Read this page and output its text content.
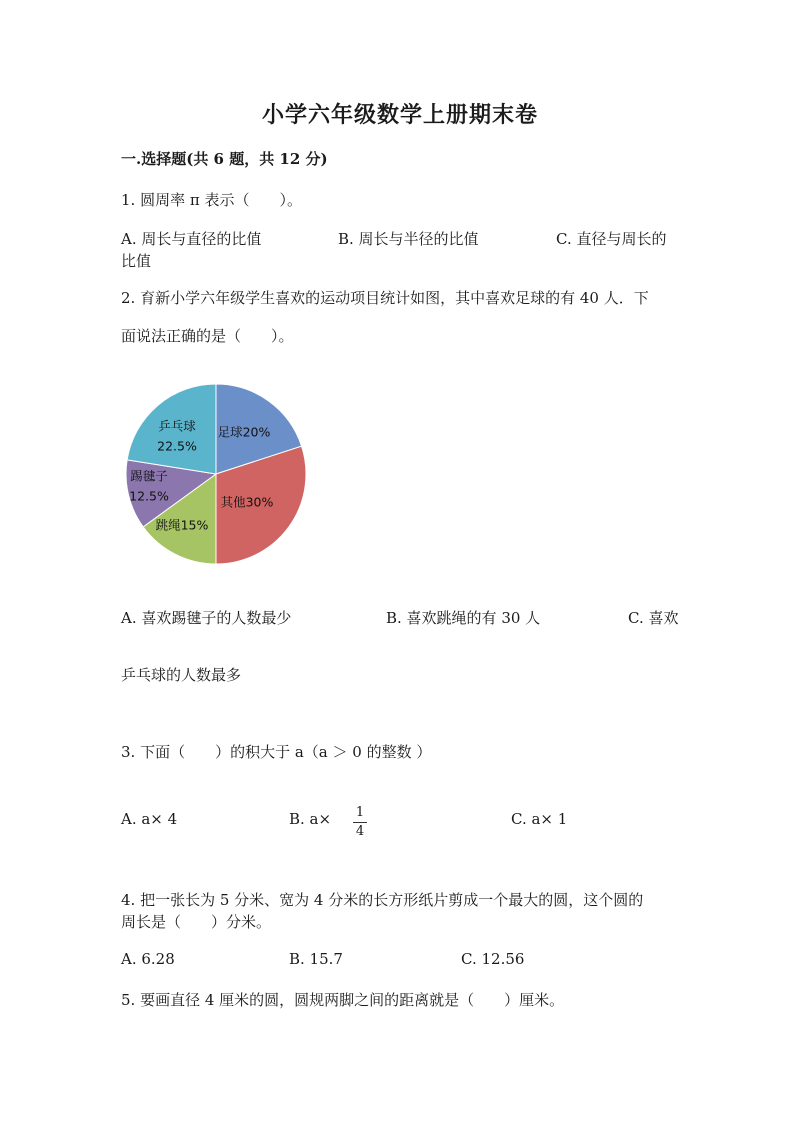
小学六年级数学上册期末卷
一.选择题(共 6 题，共 12 分)
1. 圆周率 π 表示（　　）。
A. 周长与直径的比值	B. 周长与半径的比值	C. 直径与周长的
比值
2. 育新小学六年级学生喜欢的运动项目统计如图，其中喜欢足球的有 40 人．下
面说法正确的是（　　）。
足球20%
其他30%
跳绳15%
踢毽子
12.5%
乒乓球
22.5%
A. 喜欢踢毽子的人数最少	B. 喜欢跳绳的有 30 人	C. 喜欢
乒乓球的人数最多
3. 下面（　　）的积大于 a（a ＞ 0 的整数 ）
A. a× 4	B. a× 1
4
C. a× 1
4. 把一张长为 5 分米、宽为 4 分米的长方形纸片剪成一个最大的圆，这个圆的
周长是（　　）分米。
A. 6.28	B. 15.7	C. 12.56
5. 要画直径 4 厘米的圆，圆规两脚之间的距离就是（　　）厘米。
